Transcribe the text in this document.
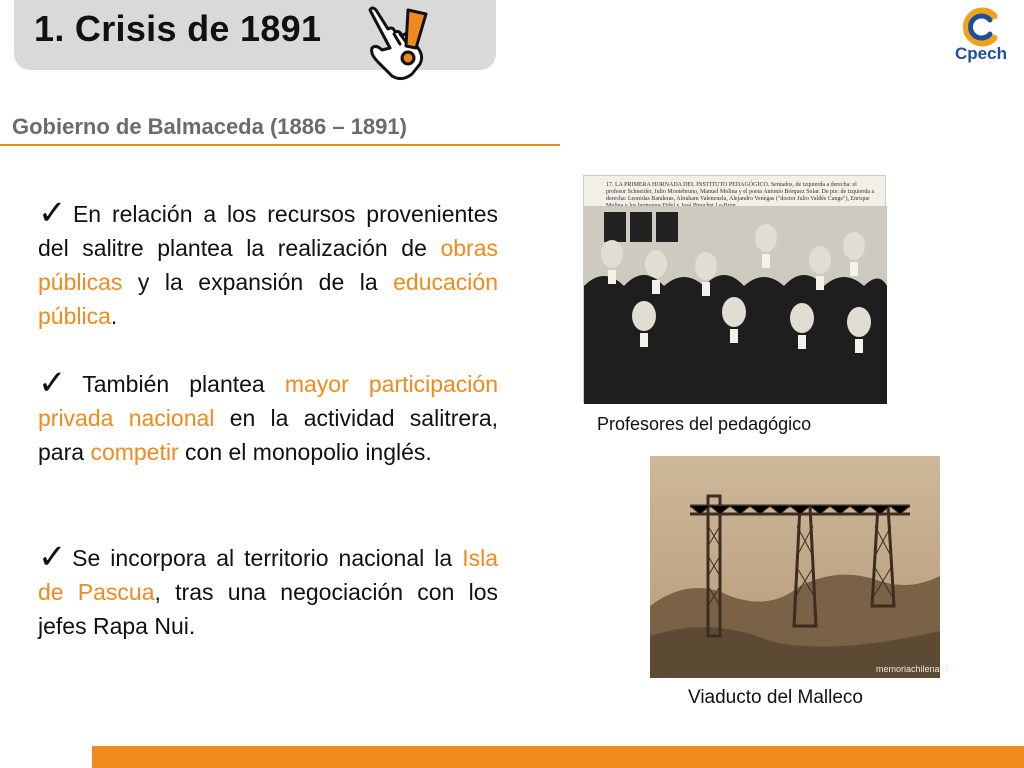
1. Crisis de 1891
Cpech
Gobierno de Balmaceda (1886 – 1891)
✓En relación a los recursos provenientes del salitre plantea la realización de obras públicas y la expansión de la educación pública.
✓También plantea mayor participación privada nacional en la actividad salitrera, para competir con el monopolio inglés.
✓Se incorpora al territorio nacional la Isla de Pascua, tras una negociación con los jefes Rapa Nui.
17. LA PRIMERA HORNADA DEL INSTITUTO PEDAGÓGICO. Sentados, de izquierda a derecha: el profesor Schneider, Julio Montebruno, Manuel Molina y el poeta Antonio Bórquez Solar. De pie: de izquierda a derecha: Leonidas Banderas, Abraham Valenzuela, Alejandro Venegas ("doctor Julio Valdés Cange"), Enrique
Profesores del pedagógico
memoriachilena.cl
Viaducto del Malleco
